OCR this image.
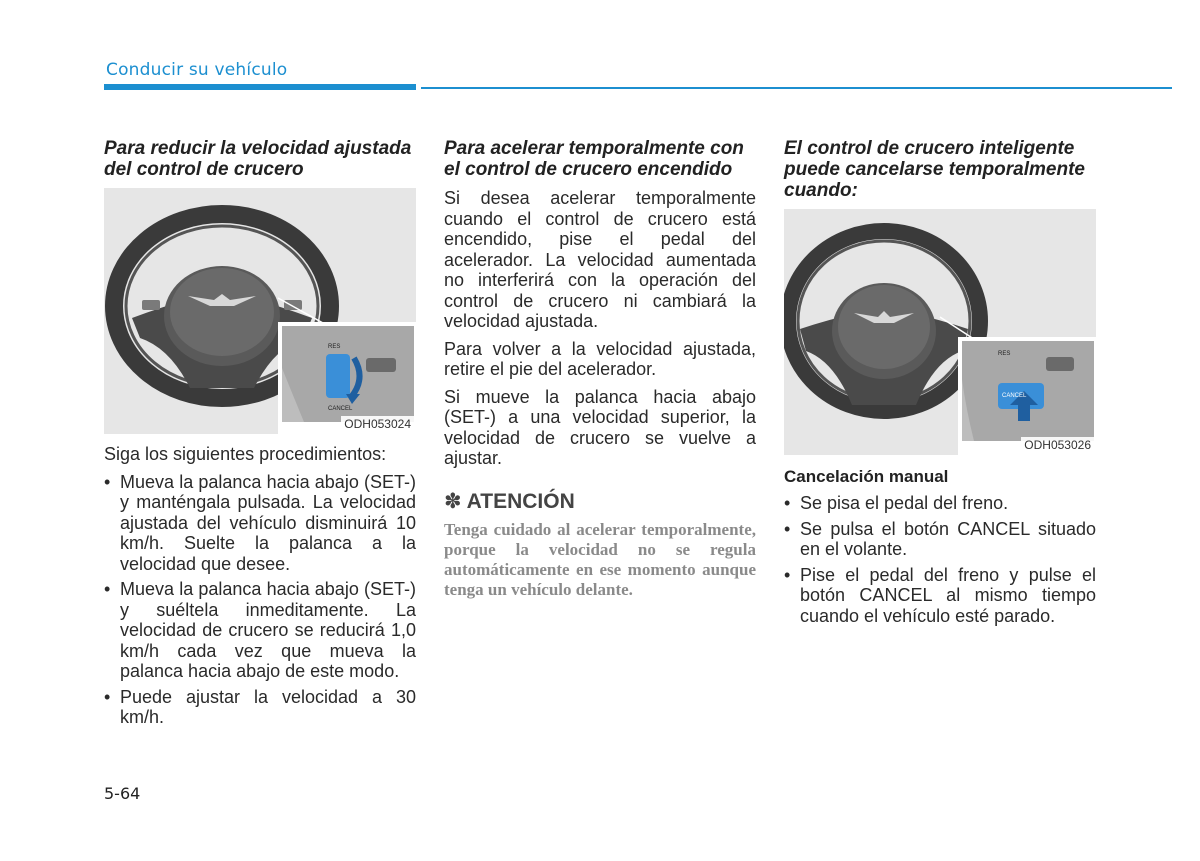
Conducir su vehículo
Para reducir la velocidad ajustada del control de crucero
RES
CANCEL
ODH053024

Siga los siguientes procedimientos:

• Mueva la palanca hacia abajo (SET-) y manténgala pulsada. La velocidad ajustada del vehículo disminuirá 10 km/h. Suelte la palanca a la velocidad que desee.
• Mueva la palanca hacia abajo (SET-) y suéltela inmeditamente. La velocidad de crucero se reducirá 1,0 km/h cada vez que mueva la palanca hacia abajo de este modo.
• Puede ajustar la velocidad a 30 km/h.
Para acelerar temporalmente con el control de crucero encendido

Si desea acelerar temporalmente cuando el control de crucero está encendido, pise el pedal del acelerador. La velocidad aumentada no interferirá con la operación del control de crucero ni cambiará la velocidad ajustada.

Para volver a la velocidad ajustada, retire el pie del acelerador.

Si mueve la palanca hacia abajo (SET-) a una velocidad superior, la velocidad de crucero se vuelve a ajustar.

✽ ATENCIÓN

Tenga cuidado al acelerar temporalmente, porque la velocidad no se regula automáticamente en ese momento aunque tenga un vehículo delante.

El control de crucero inteligente puede cancelarse temporalmente cuando:
RES
CANCEL
ODH053026
Cancelación manual
• Se pisa el pedal del freno.
• Se pulsa el botón CANCEL situado en el volante.
• Pise el pedal del freno y pulse el botón CANCEL al mismo tiempo cuando el vehículo esté parado.
5-64
